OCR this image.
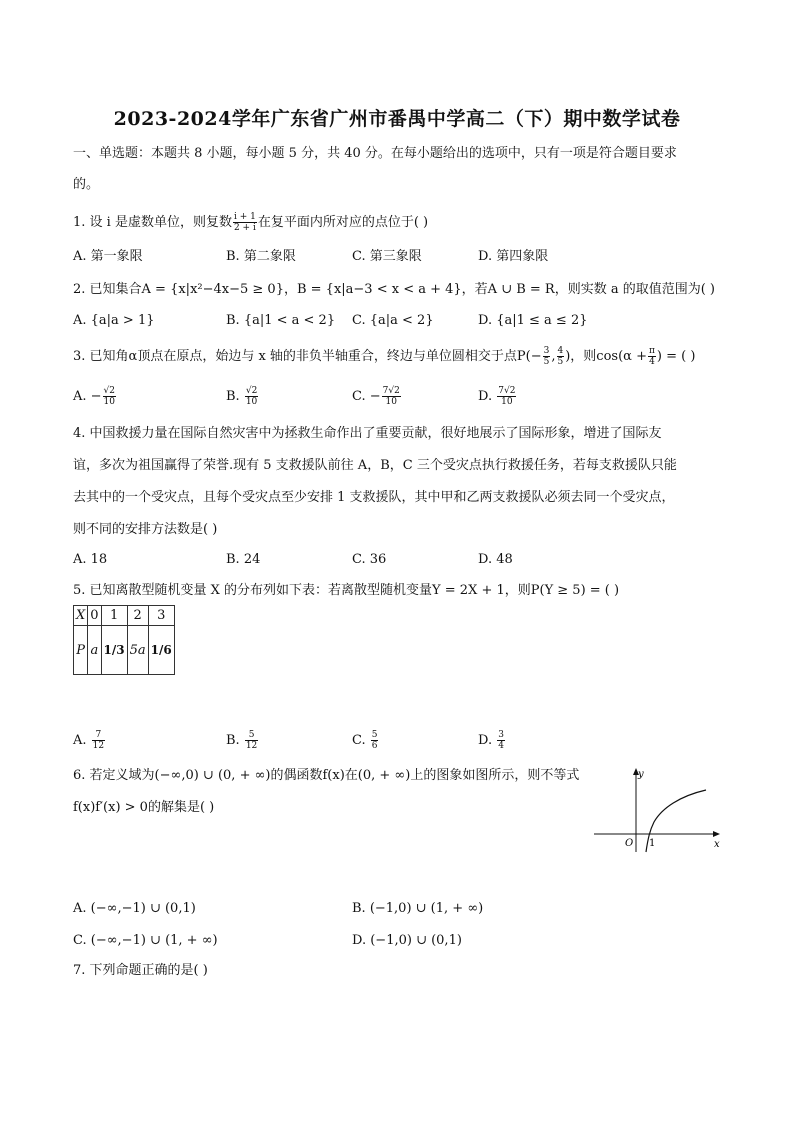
2023-2024学年广东省广州市番禺中学高二（下）期中数学试卷
一、单选题：本题共 8 小题，每小题 5 分，共 40 分。在每小题给出的选项中，只有一项是符合题目要求
的。
1. 设 i 是虚数单位，则复数 $\frac{i + 1}{2 + i}$ 在复平面内所对应的点位于( )
A. 第一象限	B. 第二象限	C. 第三象限	D. 第四象限
2. 已知集合A = {x|x²−4x−5 ≥ 0}，B = {x|a−3 < x < a + 4}，若A ∪ B = R，则实数 a 的取值范围为( )
A. {a|a > 1}	B. {a|1 < a < 2} C. {a|a < 2}	D. {a|1 ≤ a ≤ 2}
3. 已知角α顶点在原点，始边与 x 轴的非负半轴重合，终边与单位圆相交于点$P(- \frac{3}{5}$ , $\frac{4}{5}$ )，则$\cos(\alpha + \frac{\pi}{4}$ ) = ( )
A. − $\frac{√2}{10}$	B. $\frac{√2}{10}$	C. − $\frac{7√2}{10}$	D. $\frac{7√2}{10}$
4. 中国救援力量在国际自然灾害中为拯救生命作出了重要贡献，很好地展示了国际形象，增进了国际友
谊，多次为祖国赢得了荣誉.现有 5 支救援队前往 A，B，C 三个受灾点执行救援任务，若每支救援队只能
去其中的一个受灾点，且每个受灾点至少安排 1 支救援队，其中甲和乙两支救援队必须去同一个受灾点，
则不同的安排方法数是( )
A. 18	B. 24	C. 36	D. 48
5. 已知离散型随机变量 X 的分布列如下表：若离散型随机变量Y = 2X + 1，则P(Y ≥ 5) = ( )
X	0	1	2	3
P	a	1/3	5a	1/6
A. $\frac{7}{12}$	B. $\frac{5}{12}$	C. $\frac{5}{6}$	D. $\frac{3}{4}$
6. 若定义域为(−∞,0) ∪ (0, + ∞)的偶函数f(x)在(0, + ∞)上的图象如图所示，则不等式
f(x)f′(x) > 0的解集是( )
y
x
O 1
A. (−∞,−1) ∪ (0,1)	B. (−1,0) ∪ (1, + ∞)
C. (−∞,−1) ∪ (1, + ∞)	D. (−1,0) ∪ (0,1)
7. 下列命题正确的是( )
